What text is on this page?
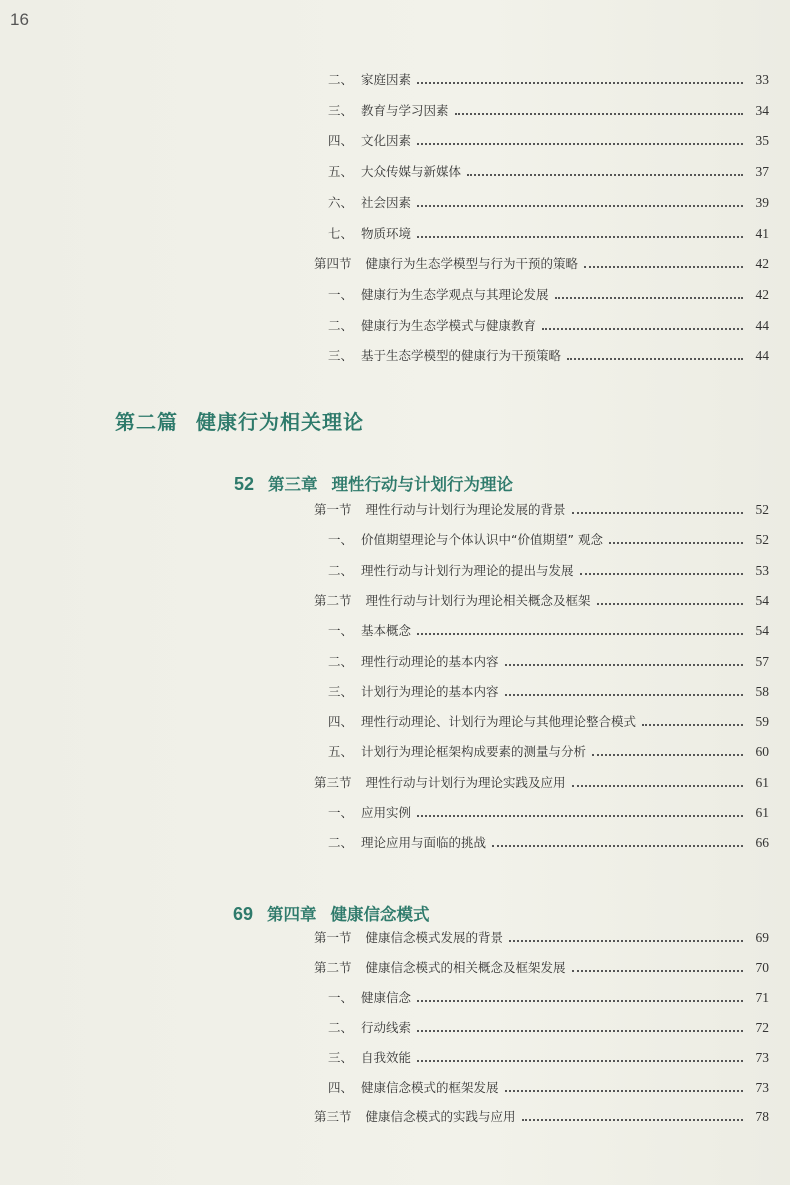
16
二、 家庭因素	33
三、 教育与学习因素	34
四、 文化因素	35
五、 大众传媒与新媒体	37
六、 社会因素	39
七、 物质环境	41
第四节 健康行为生态学模型与行为干预的策略	42
一、 健康行为生态学观点与其理论发展	42
二、 健康行为生态学模式与健康教育	44
三、 基于生态学模型的健康行为干预策略	44
第二篇 健康行为相关理论
52 第三章 理性行动与计划行为理论
第一节 理性行动与计划行为理论发展的背景	52
一、 价值期望理论与个体认识中“价值期望” 观念	52
二、 理性行动与计划行为理论的提出与发展	53
第二节 理性行动与计划行为理论相关概念及框架	54
一、 基本概念	54
二、 理性行动理论的基本内容	57
三、 计划行为理论的基本内容	58
四、 理性行动理论、计划行为理论与其他理论整合模式	59
五、 计划行为理论框架构成要素的测量与分析	60
第三节 理性行动与计划行为理论实践及应用	61
一、 应用实例	61
二、 理论应用与面临的挑战	66
69 第四章 健康信念模式
第一节 健康信念模式发展的背景	69
第二节 健康信念模式的相关概念及框架发展	70
一、 健康信念	71
二、 行动线索	72
三、 自我效能	73
四、 健康信念模式的框架发展	73
第三节 健康信念模式的实践与应用	78
